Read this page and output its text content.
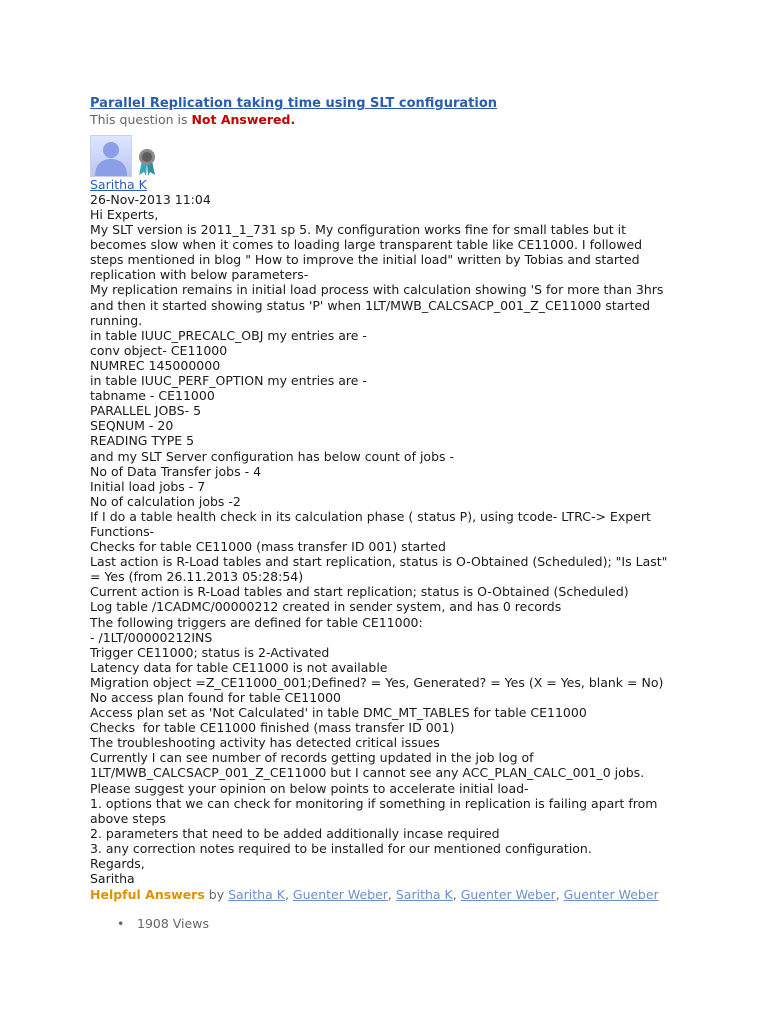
Parallel Replication taking time using SLT configuration
This question is Not Answered.
Saritha K
26-Nov-2013 11:04
Hi Experts,
My SLT version is 2011_1_731 sp 5. My configuration works fine for small tables but it
becomes slow when it comes to loading large transparent table like CE11000. I followed
steps mentioned in blog " How to improve the initial load" written by Tobias and started
replication with below parameters-
My replication remains in initial load process with calculation showing 'S for more than 3hrs
and then it started showing status 'P' when 1LT/MWB_CALCSACP_001_Z_CE11000 started
running.
in table IUUC_PRECALC_OBJ my entries are -
conv object- CE11000
NUMREC 145000000
in table IUUC_PERF_OPTION my entries are -
tabname - CE11000
PARALLEL JOBS- 5
SEQNUM - 20
READING TYPE 5
and my SLT Server configuration has below count of jobs -
No of Data Transfer jobs - 4
Initial load jobs - 7
No of calculation jobs -2
If I do a table health check in its calculation phase ( status P), using tcode- LTRC-> Expert
Functions-
Checks for table CE11000 (mass transfer ID 001) started
Last action is R-Load tables and start replication, status is O-Obtained (Scheduled); "Is Last"
= Yes (from 26.11.2013 05:28:54)
Current action is R-Load tables and start replication; status is O-Obtained (Scheduled)
Log table /1CADMC/00000212 created in sender system, and has 0 records
The following triggers are defined for table CE11000:
- /1LT/00000212INS
Trigger CE11000; status is 2-Activated
Latency data for table CE11000 is not available
Migration object =Z_CE11000_001;Defined? = Yes, Generated? = Yes (X = Yes, blank = No)
No access plan found for table CE11000
Access plan set as 'Not Calculated' in table DMC_MT_TABLES for table CE11000
Checks  for table CE11000 finished (mass transfer ID 001)
The troubleshooting activity has detected critical issues
Currently I can see number of records getting updated in the job log of
1LT/MWB_CALCSACP_001_Z_CE11000 but I cannot see any ACC_PLAN_CALC_001_0 jobs.
Please suggest your opinion on below points to accelerate initial load-
1. options that we can check for monitoring if something in replication is failing apart from
above steps
2. parameters that need to be added additionally incase required
3. any correction notes required to be installed for our mentioned configuration.
Regards,
Saritha
Helpful Answers by Saritha K, Guenter Weber, Saritha K, Guenter Weber, Guenter Weber
• 1908 Views
